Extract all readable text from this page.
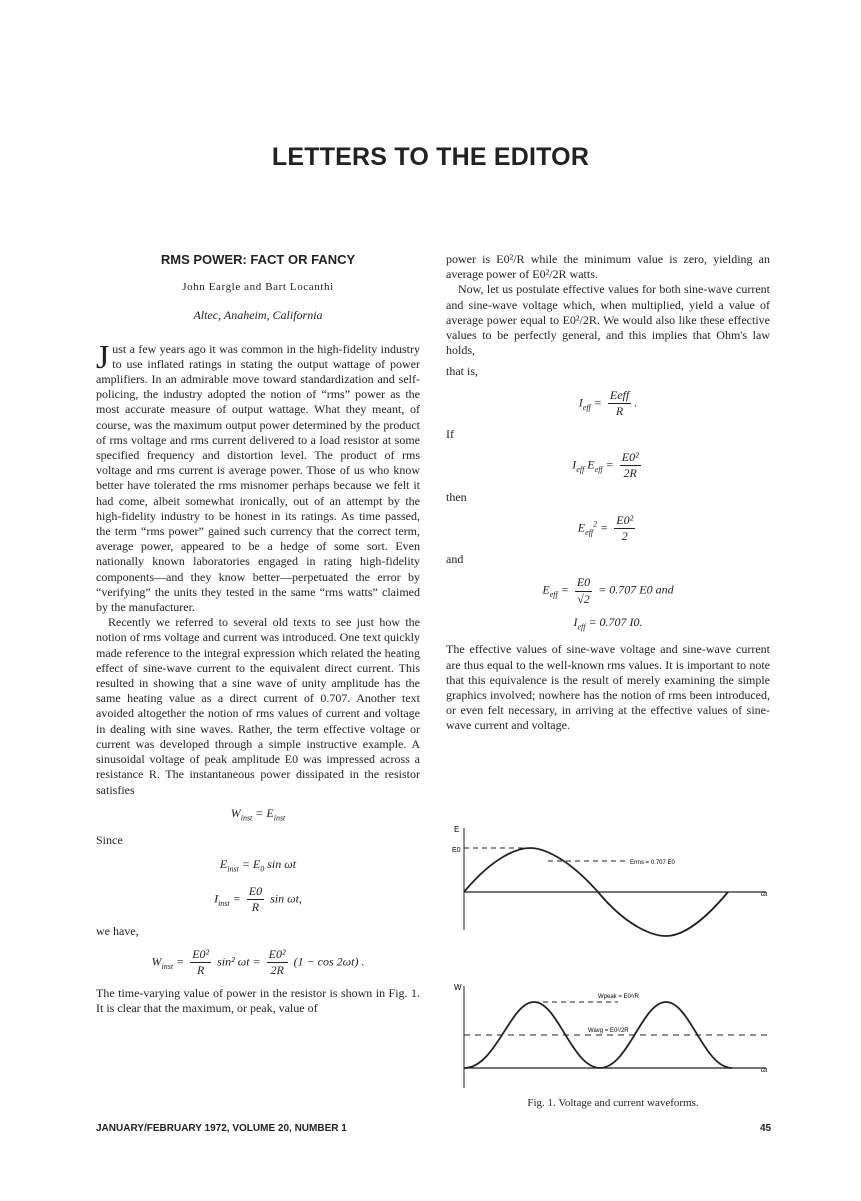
LETTERS TO THE EDITOR
RMS POWER: FACT OR FANCY
John Eargle and Bart Locanthi
Altec, Anaheim, California

Just a few years ago it was common in the high-fidelity industry to use inflated ratings in stating the output wattage of power amplifiers. In an admirable move toward standardization and self-policing, the industry adopted the notion of “rms” power as the most accurate measure of output wattage. What they meant, of course, was the maximum output power determined by the product of rms voltage and rms current delivered to a load resistor at some specified frequency and distortion level. The product of rms voltage and rms current is average power. Those of us who know better have tolerated the rms misnomer perhaps because we felt it had come, albeit somewhat ironically, out of an attempt by the high-fidelity industry to be honest in its ratings. As time passed, the term “rms power” gained such currency that the correct term, average power, appeared to be a hedge of some sort. Even nationally known laboratories engaged in rating high-fidelity components—and they know better—perpetuated the error by “verifying” the units they tested in the same “rms watts” claimed by the manufacturer.

Recently we referred to several old texts to see just how the notion of rms voltage and current was introduced. One text quickly made reference to the integral expression which related the heating effect of sine-wave current to the equivalent direct current. This resulted in showing that a sine wave of unity amplitude has the same heating value as a direct current of 0.707. Another text avoided altogether the notion of rms values of current and voltage in dealing with sine waves. Rather, the term effective voltage or current was developed through a simple instructive example. A sinusoidal voltage of peak amplitude E0 was impressed across a resistance R. The instantaneous power dissipated in the resistor satisfies

$W_{inst} = E_{inst}$

Since

$E_{inst} = E_0$ sin ωt
$I_{inst} = \frac{E0}{R}$ sin ωt,

we have,

$W_{inst} = \frac{\text{E0²}}{R} \sin^2$ $\omega t = \frac{\text{E0²}}{2R} (1 - \cos 2\omega t)$ .

The time-varying value of power in the resistor is shown in Fig. 1. It is clear that the maximum, or peak, value of

power is E0²/R while the minimum value is zero, yielding an average power of E0²/2R watts.

Now, let us postulate effective values for both sine-wave current and sine-wave voltage which, when multiplied, yield a value of average power equal to E0²/2R. We would also like these effective values to be perfectly general, and this implies that Ohm's law holds,

that is,

$I_{eff} = \frac{\text{Eeff}}{R}$ .

If

$I_{eff}$ $E_{eff} = \frac{\text{E0²}}{2R}$

then

$E_{eff}^2 = \frac{\text{E0²}}{2}$

and

$E_{eff} = \frac{E0}{√2} = 0.707$ E0 and
$I_{eff} = 0.707$ I0.

The effective values of sine-wave voltage and sine-wave current are thus equal to the well-known rms values. It is important to note that this equivalence is the result of merely examining the simple graphics involved; nowhere has the notion of rms been introduced, or even felt necessary, in arriving at the effective values of sine-wave current and voltage.

E
E0
Erms = 0.707 E0
ωt
W
Wpeak = E0²/R
Wavg = E0²/2R
ωt
Fig. 1. Voltage and current waveforms.
JANUARY/FEBRUARY 1972, VOLUME 20, NUMBER 1	45
